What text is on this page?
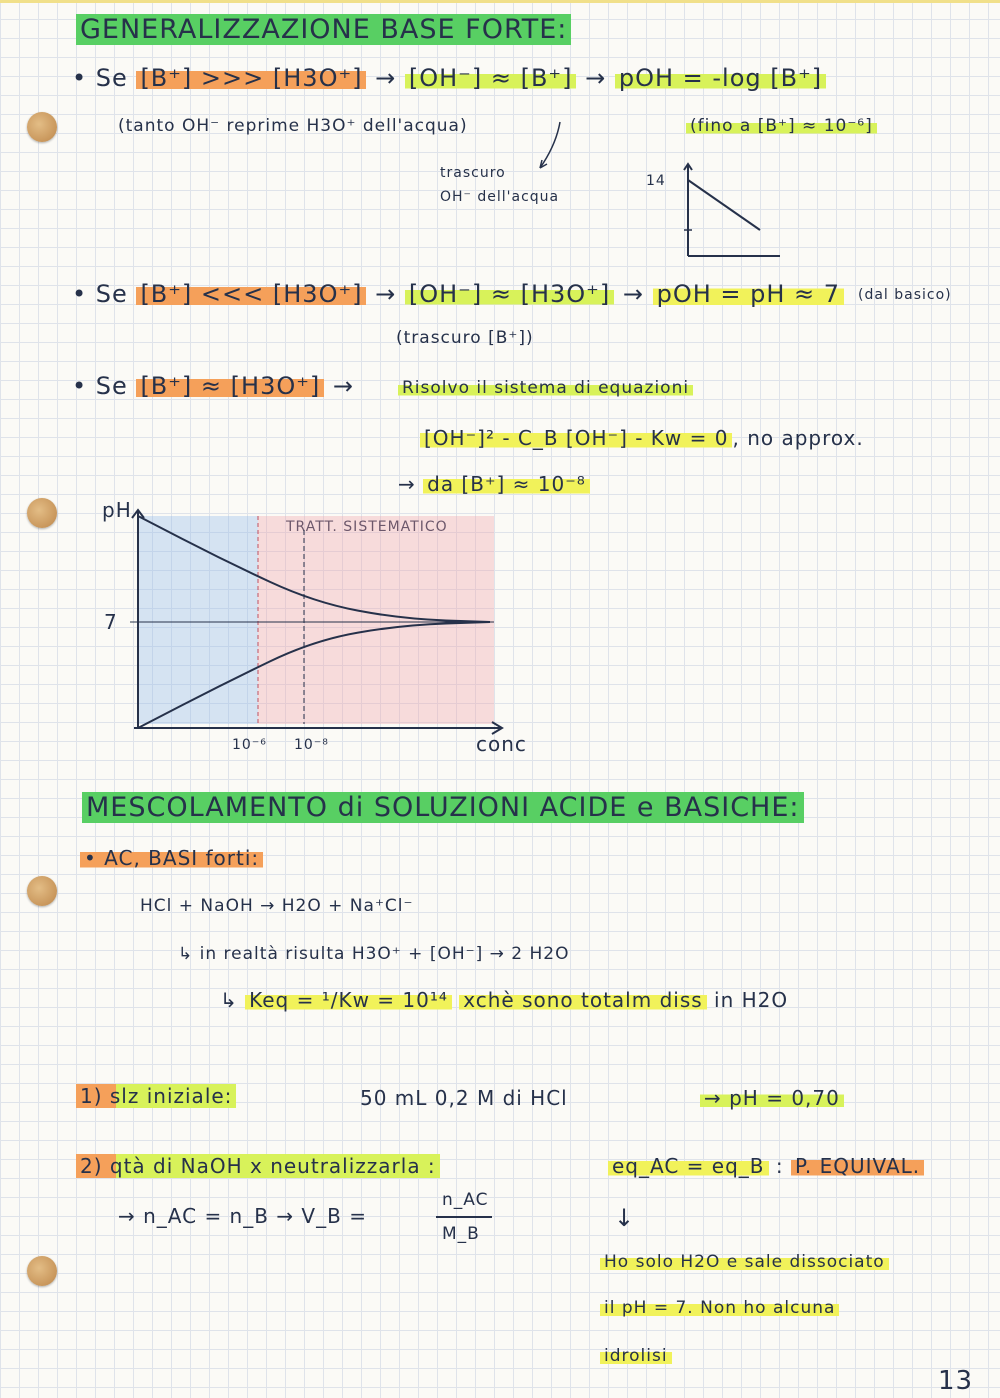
GENERALIZZAZIONE BASE FORTE:
• Se [B⁺] >>> [H3O⁺] → [OH⁻] ≈ [B⁺] → pOH = -log [B⁺]
(tanto OH⁻ reprime H3O⁺ dell'acqua)	(fino a [B⁺] ≈ 10⁻⁶]
trascuro
OH⁻ dell'acqua
14
• Se [B⁺] <<< [H3O⁺] → [OH⁻] ≈ [H3O⁺] → pOH = pH ≈ 7 (dal basico)
(trascuro [B⁺])
• Se [B⁺] ≈ [H3O⁺] →	Risolvo il sistema di equazioni
[OH⁻]² - C_B [OH⁻] - Kw = 0 , no approx.
→ da [B⁺] ≈ 10⁻⁸
pH
7
TRATT. SISTEMATICO
10⁻⁶ 10⁻⁸	conc
MESCOLAMENTO di SOLUZIONI ACIDE e BASICHE:
• AC, BASI forti:
HCl + NaOH → H2O + Na⁺Cl⁻
↳ in realtà risulta H3O⁺ + [OH⁻] → 2 H2O
↳ Keq = ¹/Kw = 10¹⁴ xchè sono totalm diss in H2O
1) slz iniziale:	50 mL 0,2 M di HCl	→ pH = 0,70
2) qtà di NaOH x neutralizzarla :	eq_AC = eq_B : P. EQUIVAL.
→ n_AC = n_B → V_B =
n_AC
M_B
↓
Ho solo H2O e sale dissociato
il pH = 7. Non ho alcuna
idrolisi
13
